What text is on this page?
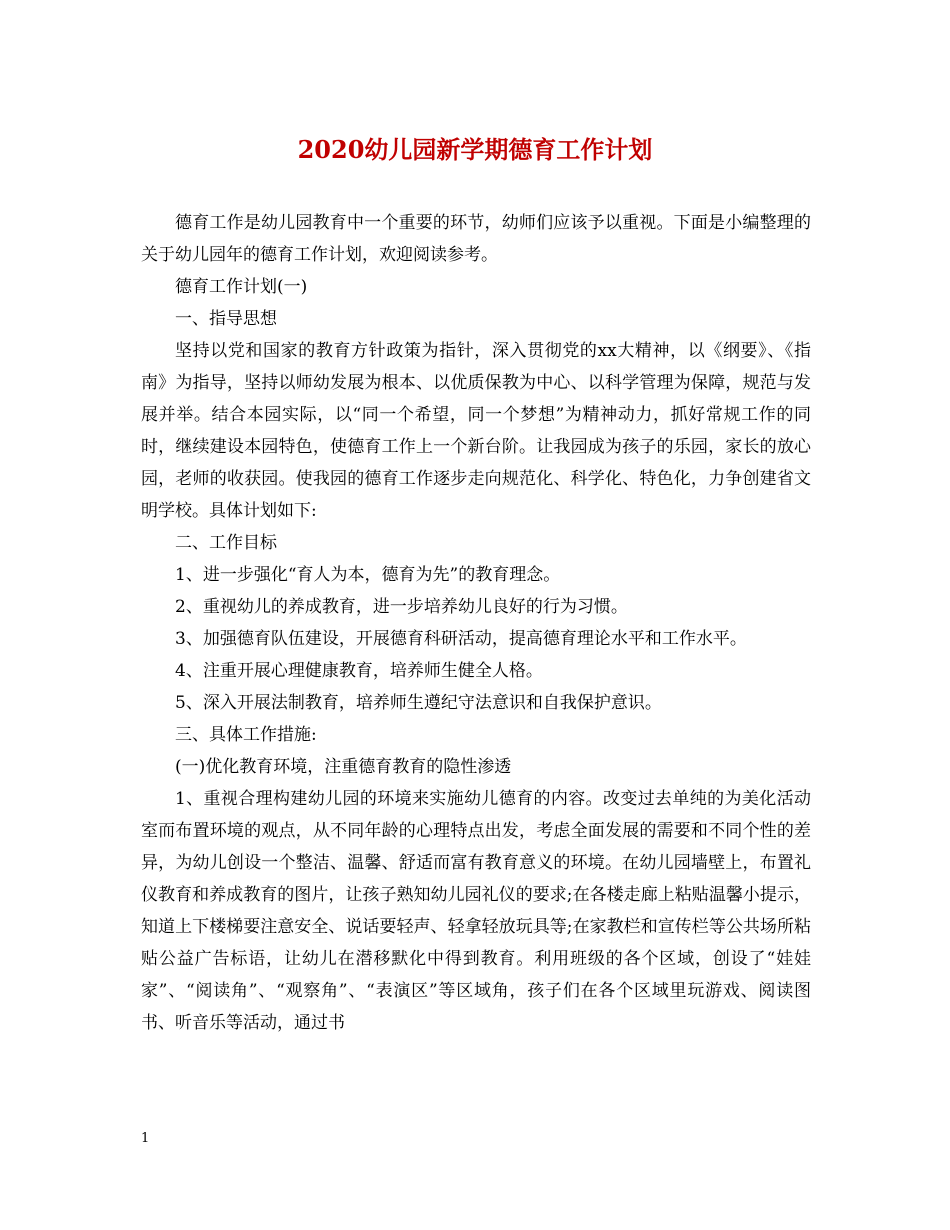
2020幼儿园新学期德育工作计划

德育工作是幼儿园教育中一个重要的环节，幼师们应该予以重视。下面是小编整理的关于幼儿园年的德育工作计划，欢迎阅读参考。

德育工作计划(一)

一、指导思想

坚持以党和国家的教育方针政策为指针，深入贯彻党的xx大精神，以《纲要》、《指南》为指导，坚持以师幼发展为根本、以优质保教为中心、以科学管理为保障，规范与发展并举。结合本园实际，以“同一个希望，同一个梦想”为精神动力，抓好常规工作的同时，继续建设本园特色，使德育工作上一个新台阶。让我园成为孩子的乐园，家长的放心园，老师的收获园。使我园的德育工作逐步走向规范化、科学化、特色化，力争创建省文明学校。具体计划如下:

二、工作目标

1、进一步强化“育人为本，德育为先”的教育理念。

2、重视幼儿的养成教育，进一步培养幼儿良好的行为习惯。

3、加强德育队伍建设，开展德育科研活动，提高德育理论水平和工作水平。

4、注重开展心理健康教育，培养师生健全人格。

5、深入开展法制教育，培养师生遵纪守法意识和自我保护意识。

三、具体工作措施:

(一)优化教育环境，注重德育教育的隐性渗透

1、重视合理构建幼儿园的环境来实施幼儿德育的内容。改变过去单纯的为美化活动室而布置环境的观点，从不同年龄的心理特点出发，考虑全面发展的需要和不同个性的差异，为幼儿创设一个整洁、温馨、舒适而富有教育意义的环境。在幼儿园墙壁上，布置礼仪教育和养成教育的图片，让孩子熟知幼儿园礼仪的要求;在各楼走廊上粘贴温馨小提示，知道上下楼梯要注意安全、说话要轻声、轻拿轻放玩具等;在家教栏和宣传栏等公共场所粘贴公益广告标语，让幼儿在潜移默化中得到教育。利用班级的各个区域，创设了“娃娃家”、“阅读角”、“观察角”、“表演区”等区域角，孩子们在各个区域里玩游戏、阅读图书、听音乐等活动，通过书

1
